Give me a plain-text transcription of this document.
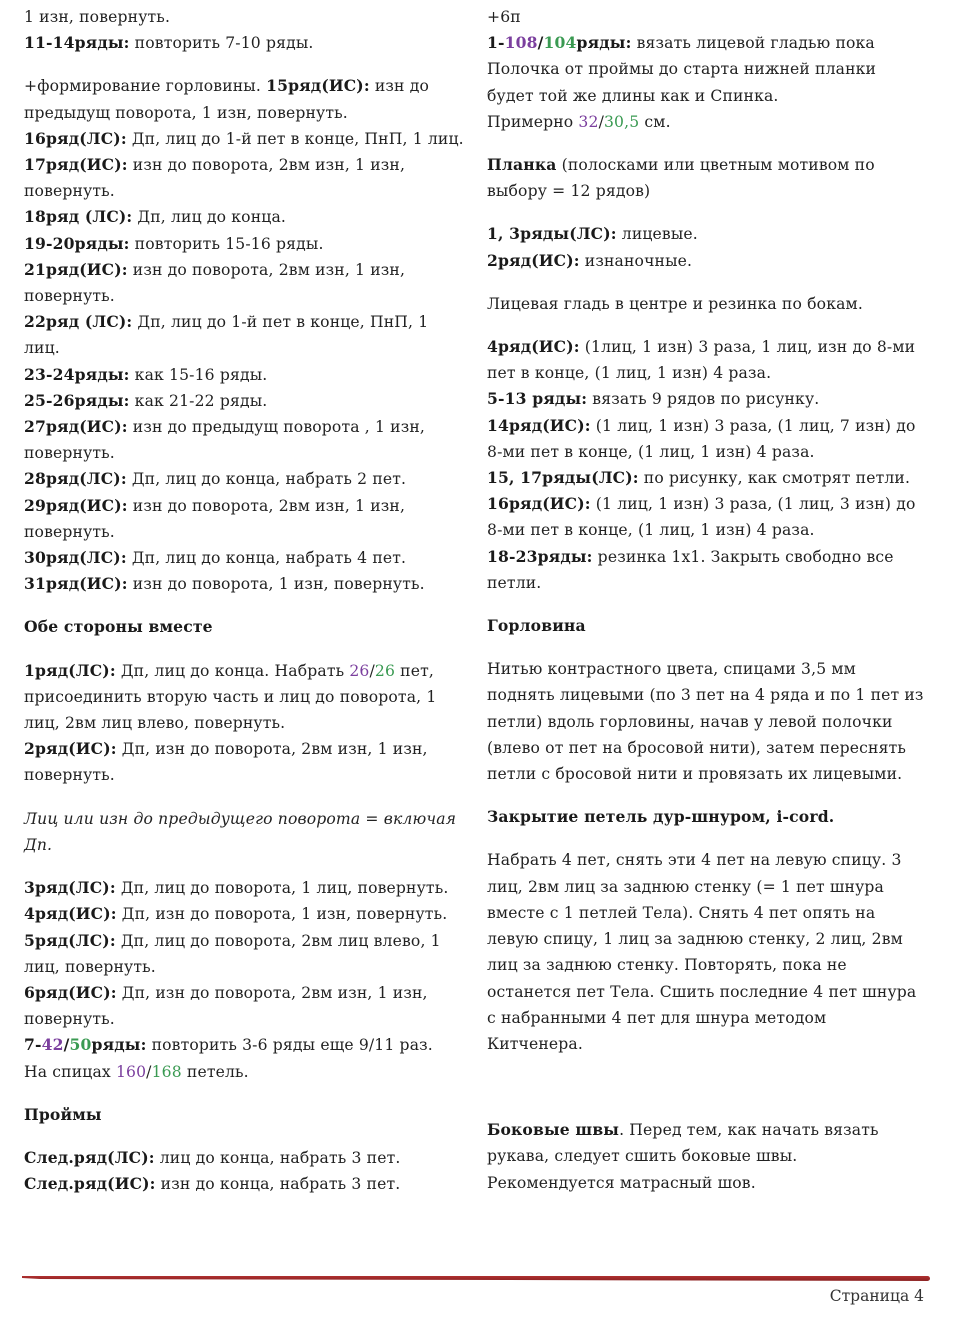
1 изн, повернуть.

11-14ряды: повторить 7-10 ряды.

+формирование горловины. 15ряд(ИС): изн до предыдущ поворота, 1 изн, повернуть.

16ряд(ЛС): Дп, лиц до 1-й пет в конце, ПнП, 1 лиц.

17ряд(ИС): изн до поворота, 2вм изн, 1 изн, повернуть.

18ряд (ЛС): Дп, лиц до конца.

19-20ряды: повторить 15-16 ряды.

21ряд(ИС): изн до поворота, 2вм изн, 1 изн, повернуть.

22ряд (ЛС): Дп, лиц до 1-й пет в конце, ПнП, 1 лиц.

23-24ряды: как 15-16 ряды.

25-26ряды: как 21-22 ряды.

27ряд(ИС): изн до предыдущ поворота , 1 изн, повернуть.

28ряд(ЛС): Дп, лиц до конца, набрать 2 пет.

29ряд(ИС): изн до поворота, 2вм изн, 1 изн, повернуть.

30ряд(ЛС): Дп, лиц до конца, набрать 4 пет.

31ряд(ИС): изн до поворота, 1 изн, повернуть.

Обе стороны вместе

1ряд(ЛС): Дп, лиц до конца. Набрать 26/26 пет, присоединить вторую часть и лиц до поворота, 1 лиц, 2вм лиц влево, повернуть.

2ряд(ИС): Дп, изн до поворота, 2вм изн, 1 изн, повернуть.

Лиц или изн до предыдущего поворота = включая Дп.

3ряд(ЛС): Дп, лиц до поворота, 1 лиц, повернуть.

4ряд(ИС): Дп, изн до поворота, 1 изн, повернуть.

5ряд(ЛС): Дп, лиц до поворота, 2вм лиц влево, 1 лиц, повернуть.

6ряд(ИС): Дп, изн до поворота, 2вм изн, 1 изн, повернуть.

7-42/50ряды: повторить 3-6 ряды еще 9/11 раз.

На спицах 160/168 петель.

Проймы

След.ряд(ЛС): лиц до конца, набрать 3 пет.

След.ряд(ИС): изн до конца, набрать 3 пет.

+6п

1-108/104ряды: вязать лицевой гладью пока Полочка от проймы до старта нижней планки будет той же длины как и Спинка.

Примерно 32/30,5 см.

Планка (полосками или цветным мотивом по выбору = 12 рядов)

1, 3ряды(ЛС): лицевые.

2ряд(ИС): изнаночные.

Лицевая гладь в центре и резинка по бокам.

4ряд(ИС): (1лиц, 1 изн) 3 раза, 1 лиц, изн до 8-ми пет в конце, (1 лиц, 1 изн) 4 раза.

5-13 ряды: вязать 9 рядов по рисунку.

14ряд(ИС): (1 лиц, 1 изн) 3 раза, (1 лиц, 7 изн) до 8-ми пет в конце, (1 лиц, 1 изн) 4 раза.

15, 17ряды(ЛС): по рисунку, как смотрят петли.

16ряд(ИС): (1 лиц, 1 изн) 3 раза, (1 лиц, 3 изн) до 8-ми пет в конце, (1 лиц, 1 изн) 4 раза.

18-23ряды: резинка 1х1. Закрыть свободно все петли.

Горловина

Нитью контрастного цвета, спицами 3,5 мм поднять лицевыми (по 3 пет на 4 ряда и по 1 пет из петли) вдоль горловины, начав у левой полочки (влево от пет на бросовой нити), затем переснять петли с бросовой нити и провязать их лицевыми.

Закрытие петель дур-шнуром, i-cord.

Набрать 4 пет, снять эти 4 пет на левую спицу. 3 лиц, 2вм лиц за заднюю стенку (= 1 пет шнура вместе с 1 петлей Тела). Снять 4 пет опять на левую спицу, 1 лиц за заднюю стенку, 2 лиц, 2вм лиц за заднюю стенку. Повторять, пока не останется пет Тела. Сшить последние 4 пет шнура с набранными 4 пет для шнура методом Китченера.

Боковые швы. Перед тем, как начать вязать рукава, следует сшить боковые швы. Рекомендуется матрасный шов.

Страница 4
